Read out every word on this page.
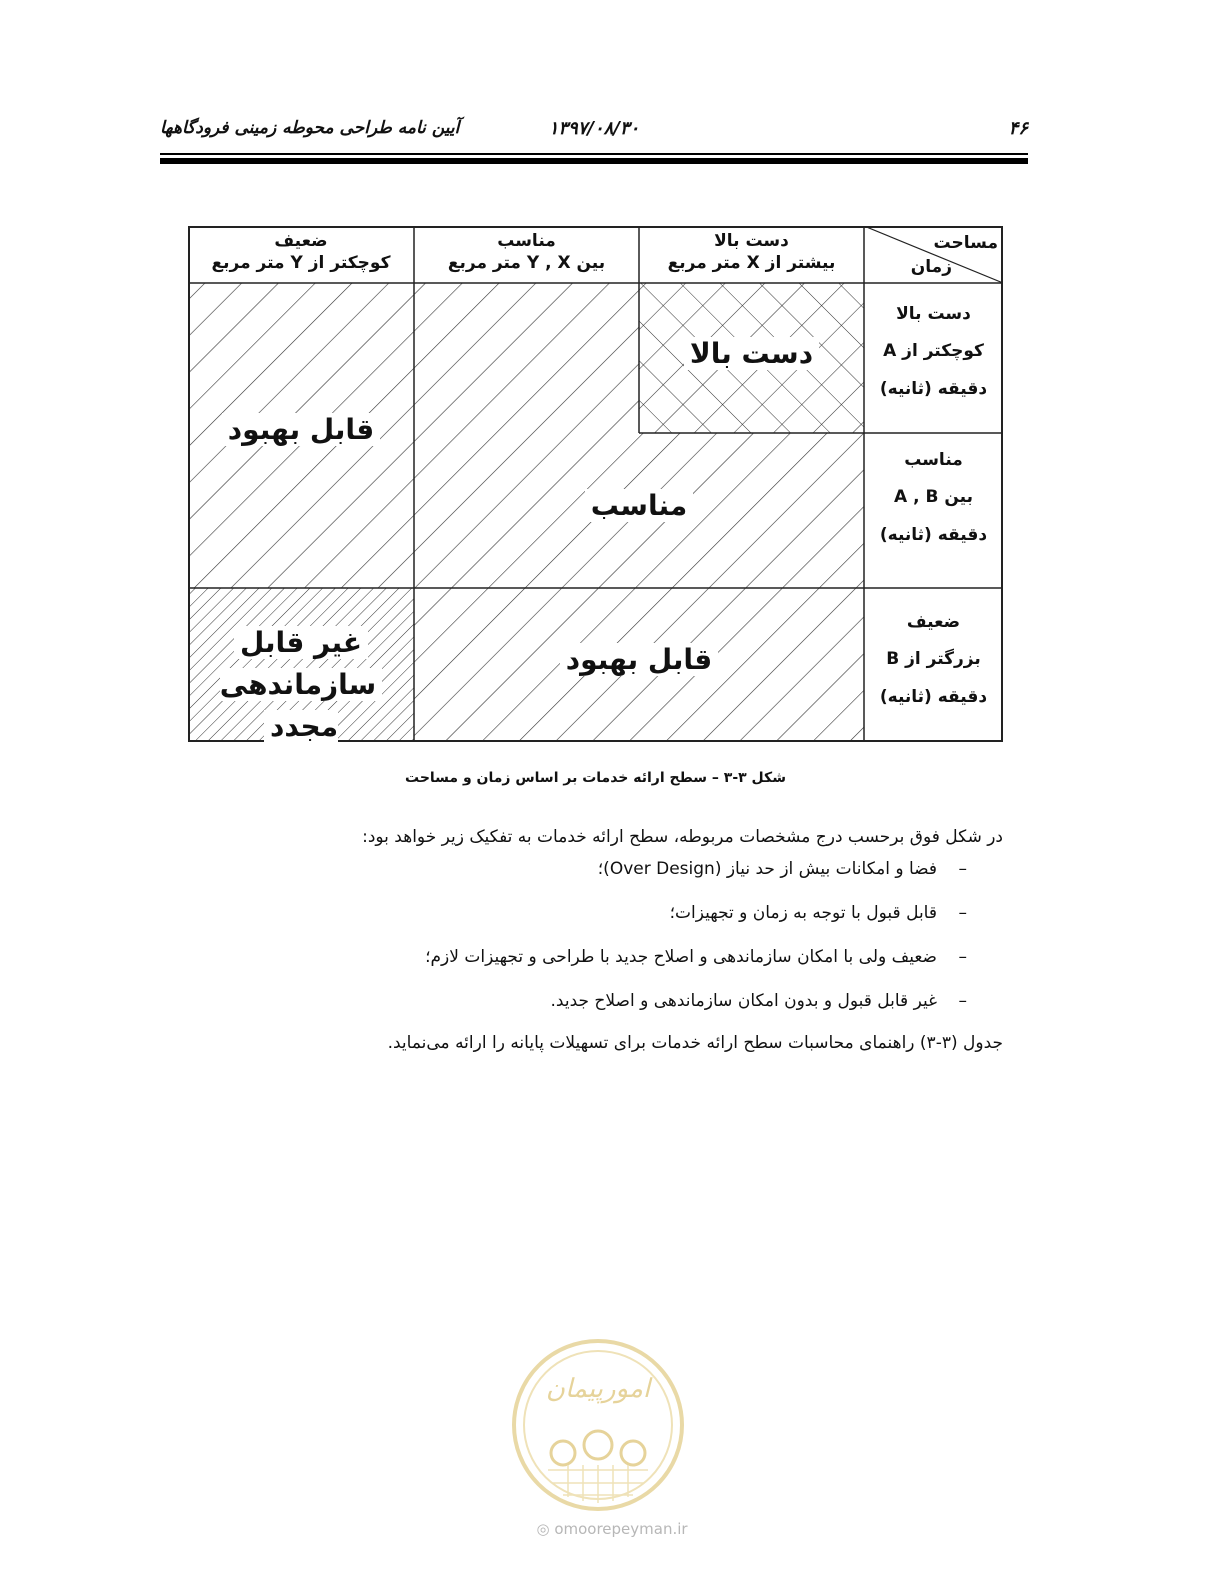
۴۶
۱۳۹۷/۰۸/۳۰
آیین نامه طراحی محوطه زمینی فرودگاهها
مساحت
زمان
دست بالا
بیشتر از X متر مربع
مناسب
بین Y , X متر مربع
ضعیف
کوچکتر از Y متر مربع
دست بالا
کوچکتر از A
دقیقه (ثانیه)
مناسب
بین A , B
دقیقه (ثانیه)
ضعیف
بزرگتر از B
دقیقه (ثانیه)
دست بالا
مناسب
قابل بهبود
قابل بهبود
غیر قابل
سازماندهی مجدد
شکل ۳-۳ – سطح ارائه خدمات بر اساس زمان و مساحت

در شکل فوق برحسب درج مشخصات مربوطه، سطح ارائه خدمات به تفکیک زیر خواهد بود:

–
فضا و امکانات بیش از حد نیاز (Over Design)؛
–
قابل قبول با توجه به زمان و تجهیزات؛
–
ضعیف ولی با امکان سازماندهی و اصلاح جدید با طراحی و تجهیزات لازم؛
–
غیر قابل قبول و بدون امکان سازماندهی و اصلاح جدید.

جدول (۳-۳) راهنمای محاسبات سطح ارائه خدمات برای تسهیلات پایانه را ارائه می‌نماید.

امورپیمان
◎ omoorepeyman.ir
